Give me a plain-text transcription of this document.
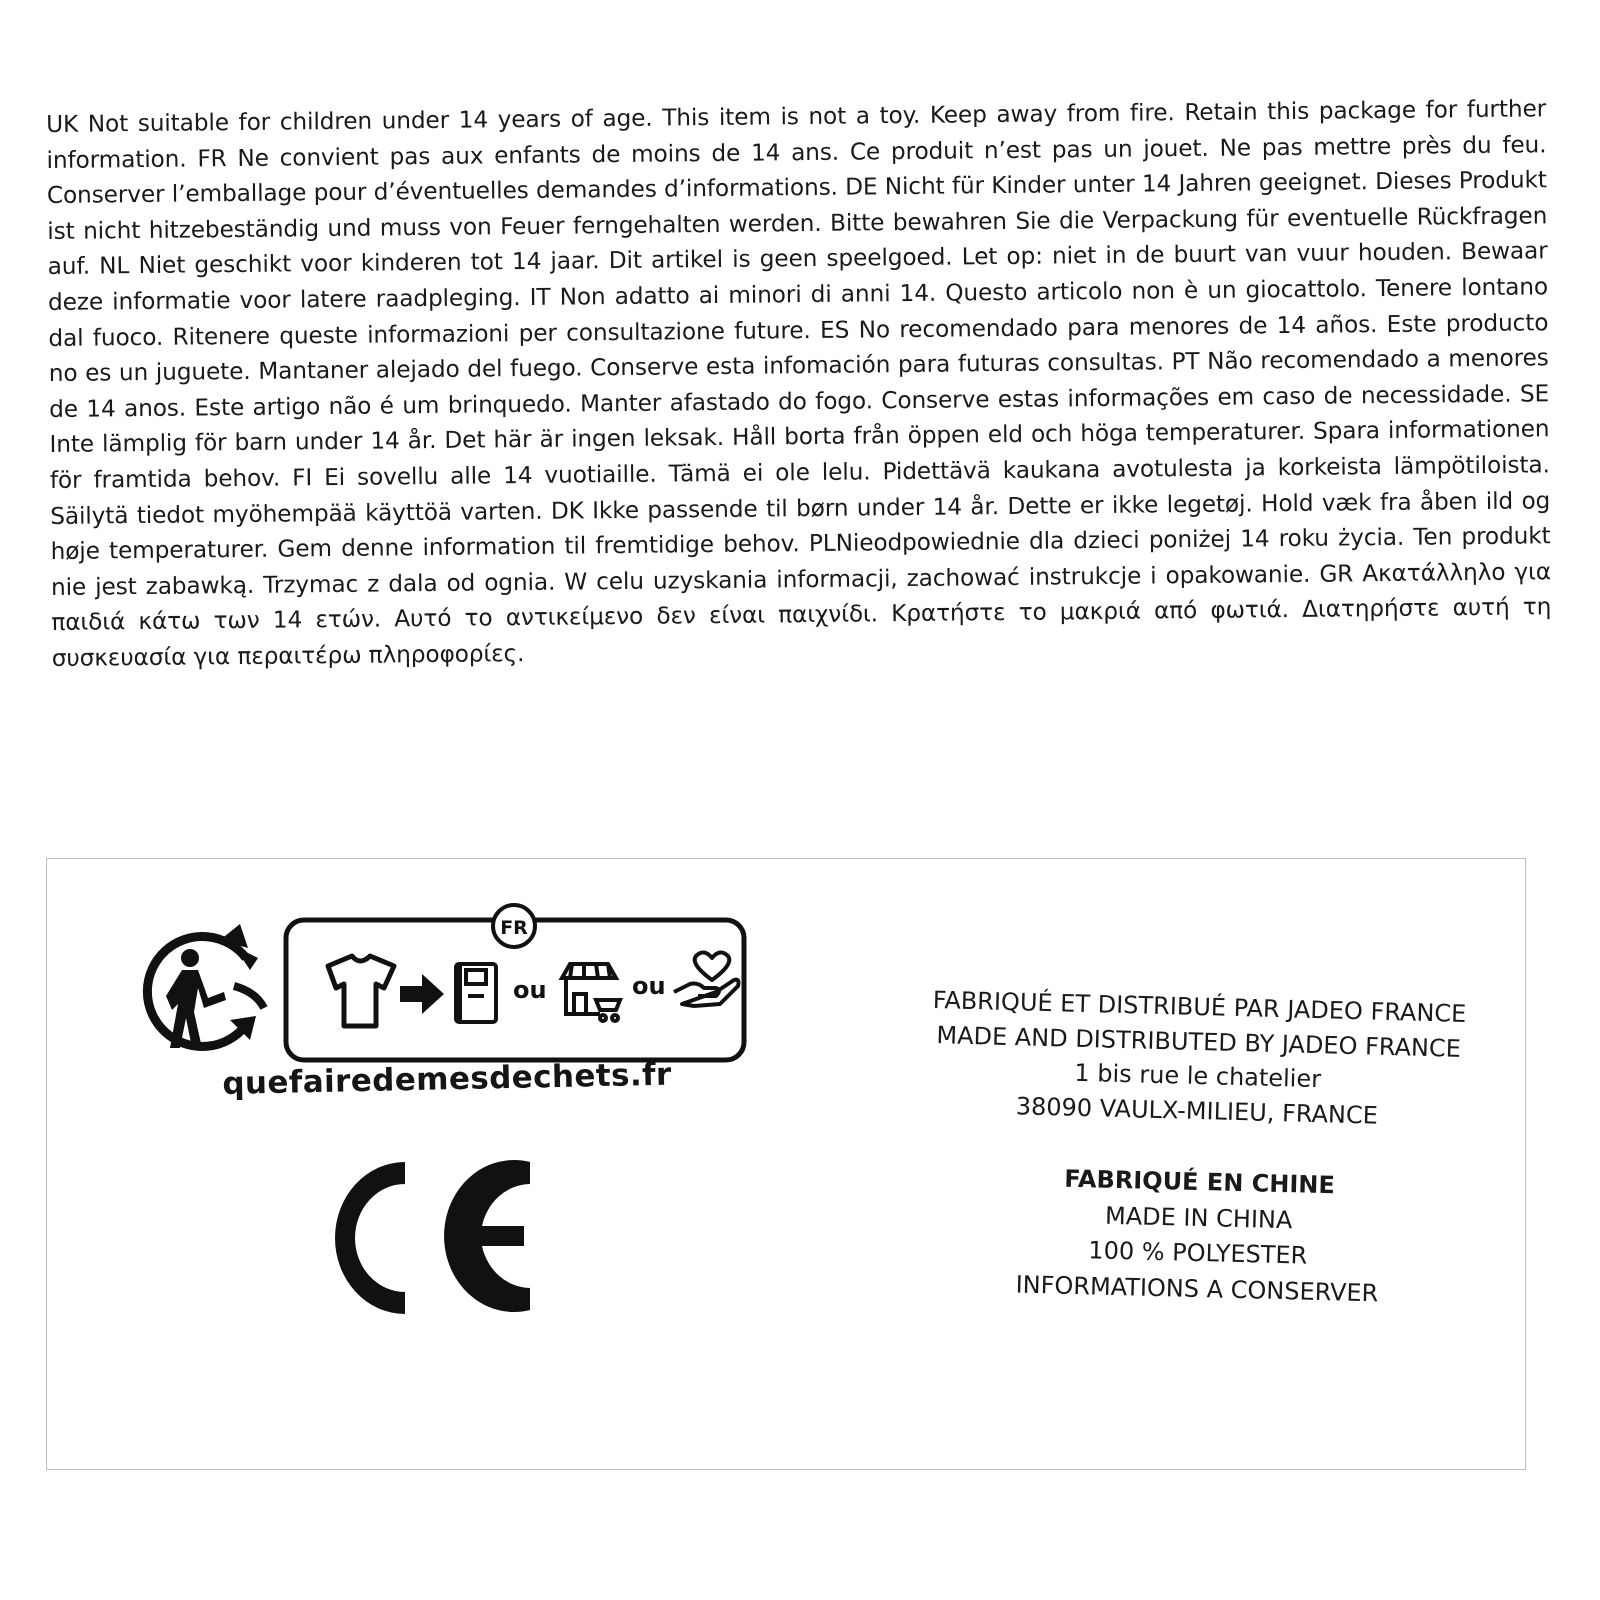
UK Not suitable for children under 14 years of age. This item is not a toy. Keep away from fire. Retain this package for further information. FR Ne convient pas aux enfants de moins de 14 ans. Ce produit n’est pas un jouet. Ne pas mettre près du feu. Conserver l’emballage pour d’éventuelles demandes d’informations. DE Nicht für Kinder unter 14 Jahren geeignet. Dieses Produkt ist nicht hitzebeständig und muss von Feuer ferngehalten werden. Bitte bewahren Sie die Verpackung für eventuelle Rückfragen auf. NL Niet geschikt voor kinderen tot 14 jaar. Dit artikel is geen speelgoed. Let op: niet in de buurt van vuur houden. Bewaar deze informatie voor latere raadpleging. IT Non adatto ai minori di anni 14. Questo articolo non è un giocattolo. Tenere lontano dal fuoco. Ritenere queste informazioni per consultazione future. ES No recomendado para menores de 14 años. Este producto no es un juguete. Mantaner alejado del fuego. Conserve esta infomación para futuras consultas. PT Não recomendado a menores de 14 anos. Este artigo não é um brinquedo. Manter afastado do fogo. Conserve estas informações em caso de necessidade. SE Inte lämplig för barn under 14 år. Det här är ingen leksak. Håll borta från öppen eld och höga temperaturer. Spara informationen för framtida behov. FI Ei sovellu alle 14 vuotiaille. Tämä ei ole lelu. Pidettävä kaukana avotulesta ja korkeista lämpötiloista. Säilytä tiedot myöhempää käyttöä varten. DK Ikke passende til børn under 14 år. Dette er ikke legetøj. Hold væk fra åben ild og høje temperaturer. Gem denne information til fremtidige behov. PLNieodpowiednie dla dzieci poniżej 14 roku życia. Ten produkt nie jest zabawką. Trzymac z dala od ognia. W celu uzyskania informacji, zachować instrukcje i opakowanie. GR Ακατάλληλο για παιδιά κάτω των 14 ετών. Αυτό το αντικείμενο δεν είναι παιχνίδι. Κρατήστε το μακριά από φωτιά. Διατηρήστε αυτή τη συσκευασία για περαιτέρω πληροφορίες.

FR
ou	ou
quefairedemesdechets.fr
FABRIQUÉ ET DISTRIBUÉ PAR JADEO FRANCE
MADE AND DISTRIBUTED BY JADEO FRANCE
1 bis rue le chatelier
38090 VAULX-MILIEU, FRANCE
FABRIQUÉ EN CHINE
MADE IN CHINA
100 % POLYESTER
INFORMATIONS A CONSERVER
